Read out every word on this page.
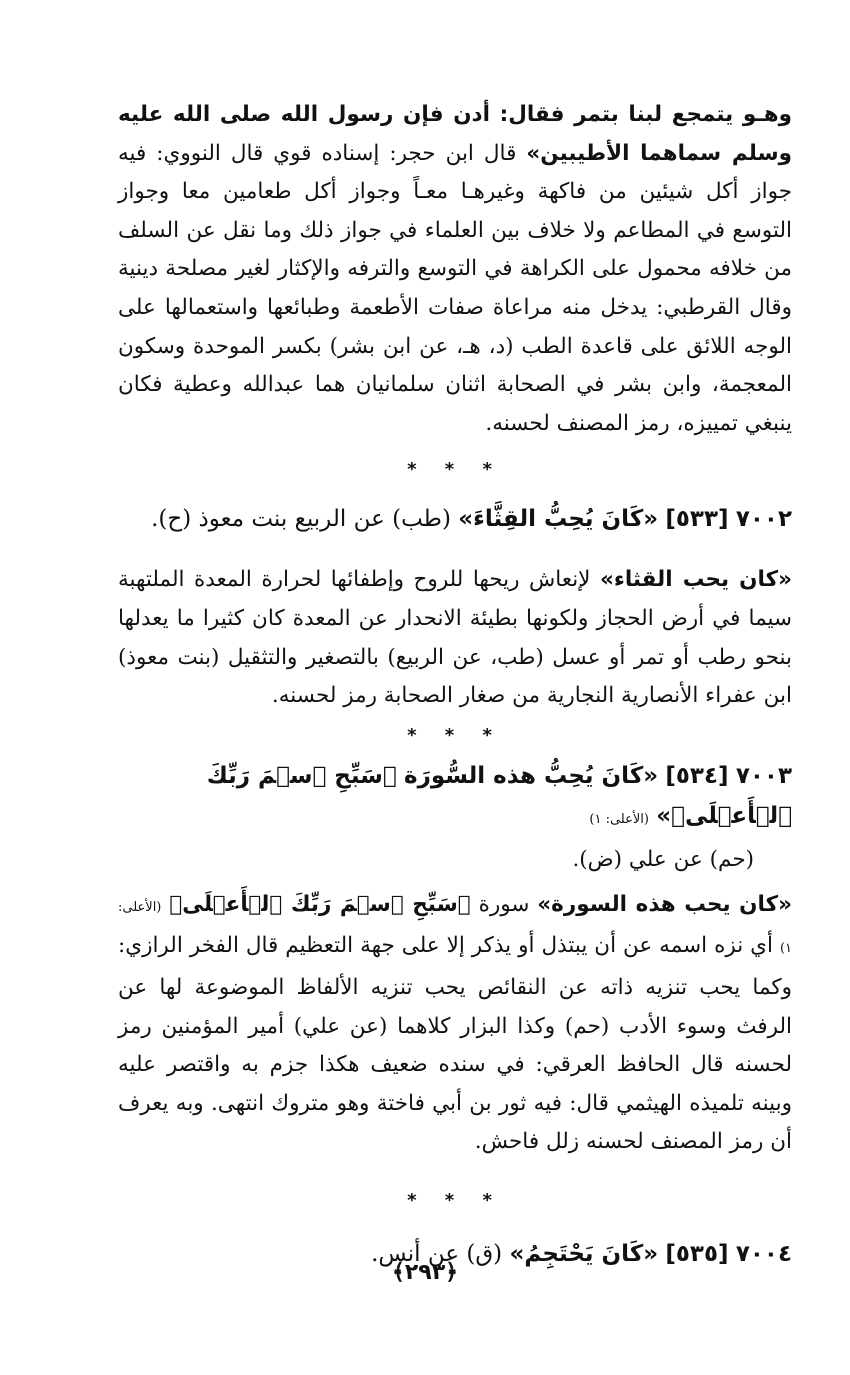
وهـو يتمجع لبنا بتمر فقال: أدن فإن رسول الله صلى الله عليه وسلم سماهما الأطيبين» قال ابن حجر: إسناده قوي قال النووي: فيه جواز أكل شيئين من فاكهة وغيرهـا معـاً وجواز أكل طعامين معا وجواز التوسع في المطاعم ولا خلاف بين العلماء في جواز ذلك وما نقل عن السلف من خلافه محمول على الكراهة في التوسع والترفه والإكثار لغير مصلحة دينية وقال القرطبي: يدخل منه مراعاة صفات الأطعمة وطبائعها واستعمالها على الوجه اللائق على قاعدة الطب (د، هـ، عن ابن بشر) بكسر الموحدة وسكون المعجمة، وابن بشر في الصحابة اثنان سلمانيان هما عبدالله وعطية فكان ينبغي تمييزه، رمز المصنف لحسنه.

* * *

٧٠٠٢ [٥٣٣] «كَانَ يُحِبُّ القِثَّاءَ» (طب) عن الربيع بنت معوذ (ح).

«كان يحب القثاء» لإنعاش ريحها للروح وإطفائها لحرارة المعدة الملتهبة سيما في أرض الحجاز ولكونها بطيئة الانحدار عن المعدة كان كثيرا ما يعدلها بنحو رطب أو تمر أو عسل (طب، عن الربيع) بالتصغير والتثقيل (بنت معوذ) ابن عفراء الأنصارية النجارية من صغار الصحابة رمز لحسنه.

* * *

٧٠٠٣ [٥٣٤] «كَانَ يُحِبُّ هذه السُّورَة ﴿سَبِّحِ ٱسۡمَ رَبِّكَ ٱلۡأَعۡلَى﴾» (الأعلى: ١)

(حم) عن علي (ض).

«كان يحب هذه السورة» سورة ﴿سَبِّحِ ٱسۡمَ رَبِّكَ ٱلۡأَعۡلَى﴾ (الأعلى: ١) أي نزه اسمه عن أن يبتذل أو يذكر إلا على جهة التعظيم قال الفخر الرازي: وكما يحب تنزيه ذاته عن النقائص يحب تنزيه الألفاظ الموضوعة لها عن الرفث وسوء الأدب (حم) وكذا البزار كلاهما (عن علي) أمير المؤمنين رمز لحسنه قال الحافظ العرقي: في سنده ضعيف هكذا جزم به واقتصر عليه وبينه تلميذه الهيثمي قال: فيه ثور بن أبي فاختة وهو متروك انتهى. وبه يعرف أن رمز المصنف لحسنه زلل فاحش.

* * *

٧٠٠٤ [٥٣٥] «كَانَ يَحْتَجِمُ» (ق) عن أنس.

﴿٢٩٣﴾
